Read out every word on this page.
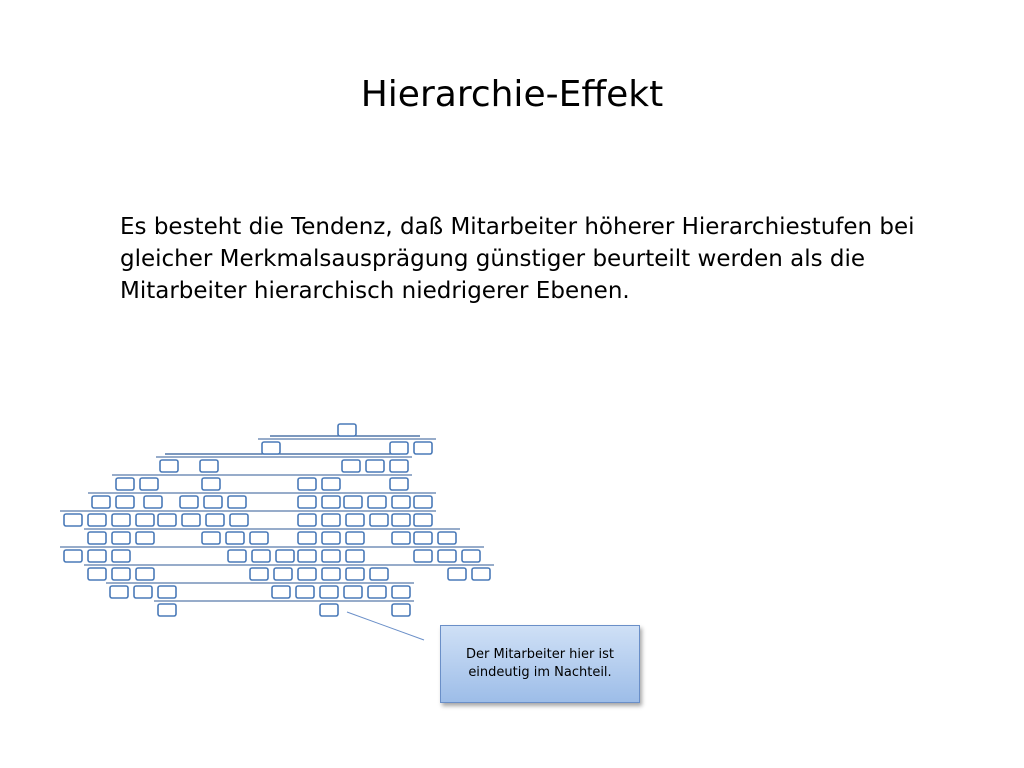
Hierarchie-Effekt
Es besteht die Tendenz, daß Mitarbeiter höherer Hierarchiestufen bei gleicher Merkmalsausprägung günstiger beurteilt werden als die Mitarbeiter hierarchisch niedrigerer Ebenen.
Der Mitarbeiter hier ist eindeutig im Nachteil.
